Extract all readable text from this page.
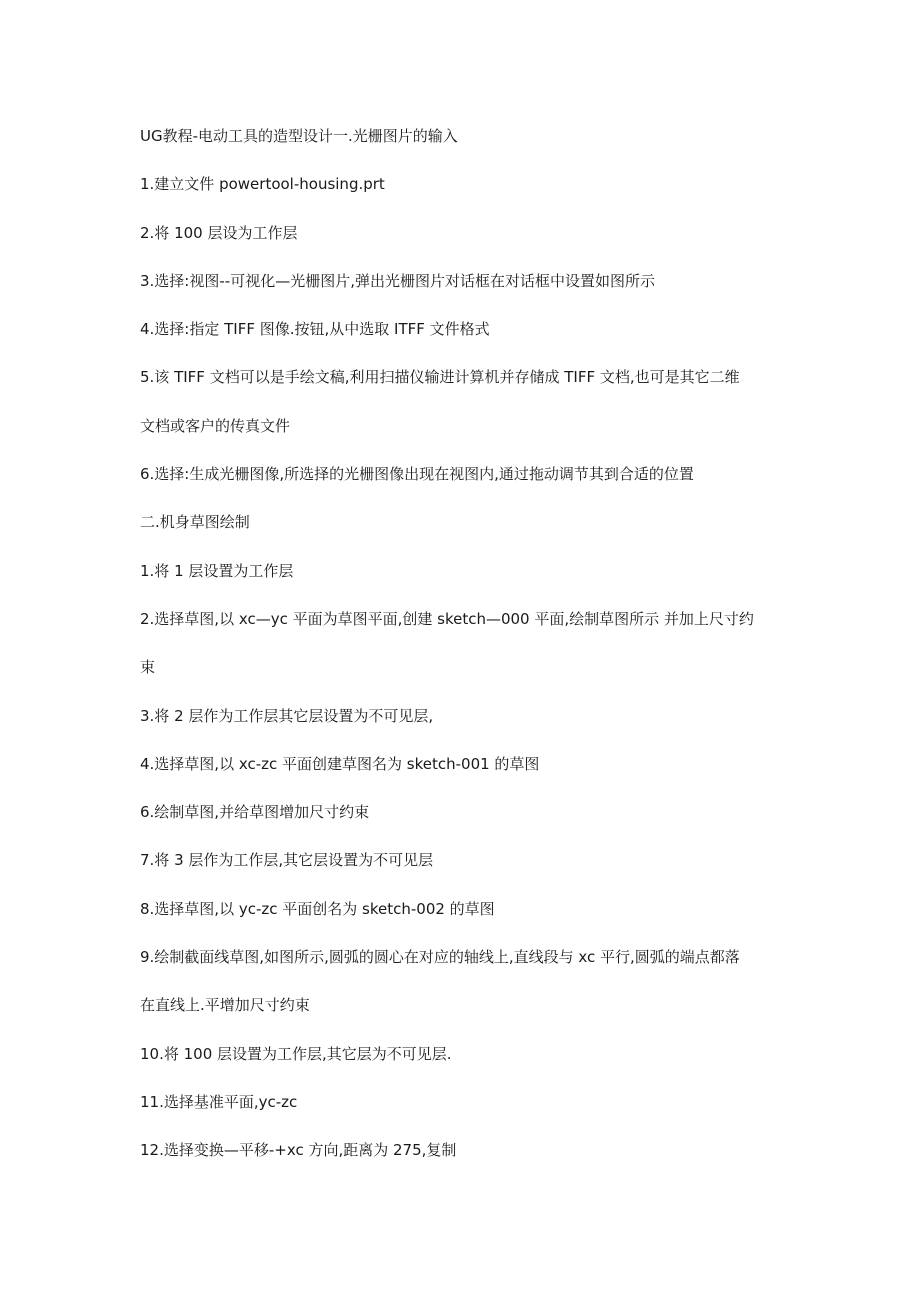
UG教程-电动工具的造型设计一.光栅图片的输入
1.建立文件 powertool-housing.prt
2.将 100 层设为工作层
3.选择:视图--可视化—光栅图片,弹出光栅图片对话框在对话框中设置如图所示
4.选择:指定 TIFF 图像.按钮,从中选取 ITFF 文件格式
5.该 TIFF 文档可以是手绘文稿,利用扫描仪输进计算机并存储成 TIFF 文档,也可是其它二维
文档或客户的传真文件
6.选择:生成光栅图像,所选择的光栅图像出现在视图内,通过拖动调节其到合适的位置
二.机身草图绘制
1.将 1 层设置为工作层
2.选择草图,以 xc—yc 平面为草图平面,创建 sketch—000 平面,绘制草图所示 并加上尺寸约
束
3.将 2 层作为工作层其它层设置为不可见层,
4.选择草图,以 xc-zc 平面创建草图名为 sketch-001 的草图
6.绘制草图,并给草图增加尺寸约束
7.将 3 层作为工作层,其它层设置为不可见层
8.选择草图,以 yc-zc 平面创名为 sketch-002 的草图
9.绘制截面线草图,如图所示,圆弧的圆心在对应的轴线上,直线段与 xc 平行,圆弧的端点都落
在直线上.平增加尺寸约束
10.将 100 层设置为工作层,其它层为不可见层.
11.选择基准平面,yc-zc
12.选择变换—平移-+xc 方向,距离为 275,复制
